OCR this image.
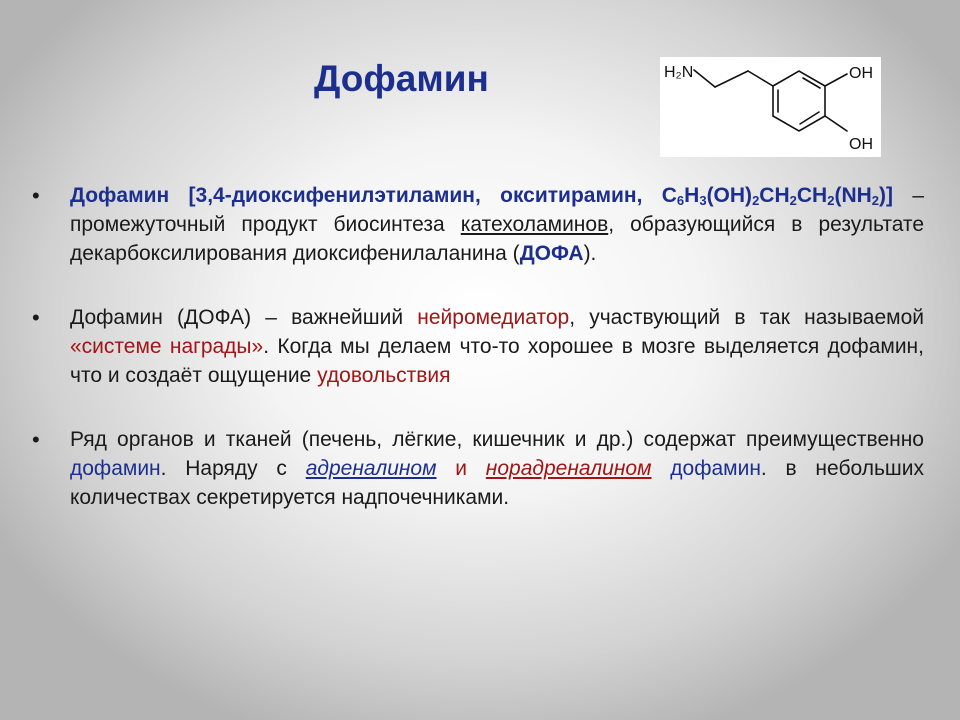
Дофамин	H₂N	OH
OH
• Дофамин [3,4-диоксифенилэтиламин, окситирамин, $C_6H_3(OH)_2CH_2CH_2(NH_2)$] – промежуточный продукт биосинтеза катехоламинов, образующийся в результате декарбоксилирования диоксифенилаланина (ДОФА).

• Дофамин (ДОФА) – важнейший нейромедиатор, участвующий в так называемой «системе награды». Когда мы делаем что-то хорошее в мозге выделяется дофамин, что и создаёт ощущение удовольствия

• Ряд органов и тканей (печень, лёгкие, кишечник и др.) содержат преимущественно дофамин. Наряду с адреналином и норадреналином дофамин. в небольших количествах секретируется надпочечниками.
